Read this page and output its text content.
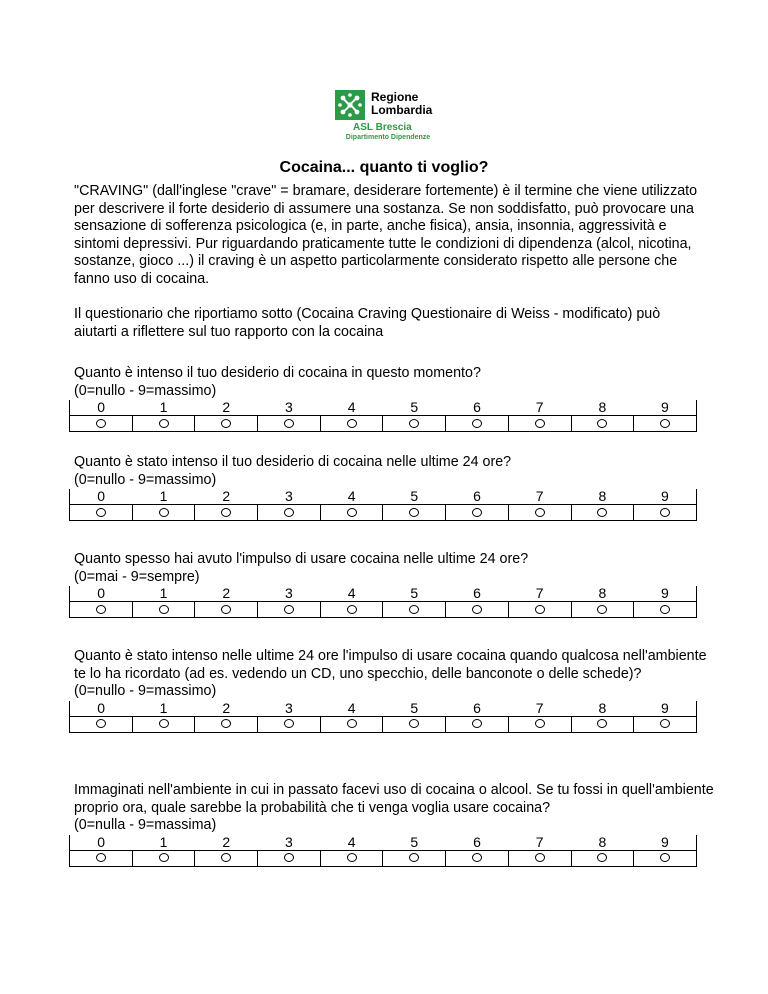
Regione
Lombardia
ASL Brescia
Dipartimento Dipendenze
Cocaina... quanto ti voglio?

"CRAVING" (dall'inglese "crave" = bramare, desiderare fortemente) è il termine che viene utilizzato per descrivere il forte desiderio di assumere una sostanza. Se non soddisfatto, può provocare una sensazione di sofferenza psicologica (e, in parte, anche fisica), ansia, insonnia, aggressività e sintomi depressivi. Pur riguardando praticamente tutte le condizioni di dipendenza (alcol, nicotina, sostanze, gioco ...) il craving è un aspetto particolarmente considerato rispetto alle persone che fanno uso di cocaina.

Il questionario che riportiamo sotto (Cocaina Craving Questionaire di Weiss - modificato) può aiutarti a riflettere sul tuo rapporto con la cocaina

Quanto è intenso il tuo desiderio di cocaina in questo momento?

(0=nullo - 9=massimo)

0	1	2	3	4	5	6	7	8	9

Quanto è stato intenso il tuo desiderio di cocaina nelle ultime 24 ore?

(0=nullo - 9=massimo)

0	1	2	3	4	5	6	7	8	9

Quanto spesso hai avuto l'impulso di usare cocaina nelle ultime 24 ore?

(0=mai - 9=sempre)

0	1	2	3	4	5	6	7	8	9

Quanto è stato intenso nelle ultime 24 ore l'impulso di usare cocaina quando qualcosa nell'ambiente te lo ha ricordato (ad es. vedendo un CD, uno specchio, delle banconote o delle schede)?

(0=nullo - 9=massimo)

0	1	2	3	4	5	6	7	8	9

Immaginati nell'ambiente in cui in passato facevi uso di cocaina o alcool. Se tu fossi in quell'ambiente proprio ora, quale sarebbe la probabilità che ti venga voglia usare cocaina?

(0=nulla - 9=massima)

0	1	2	3	4	5	6	7	8	9
